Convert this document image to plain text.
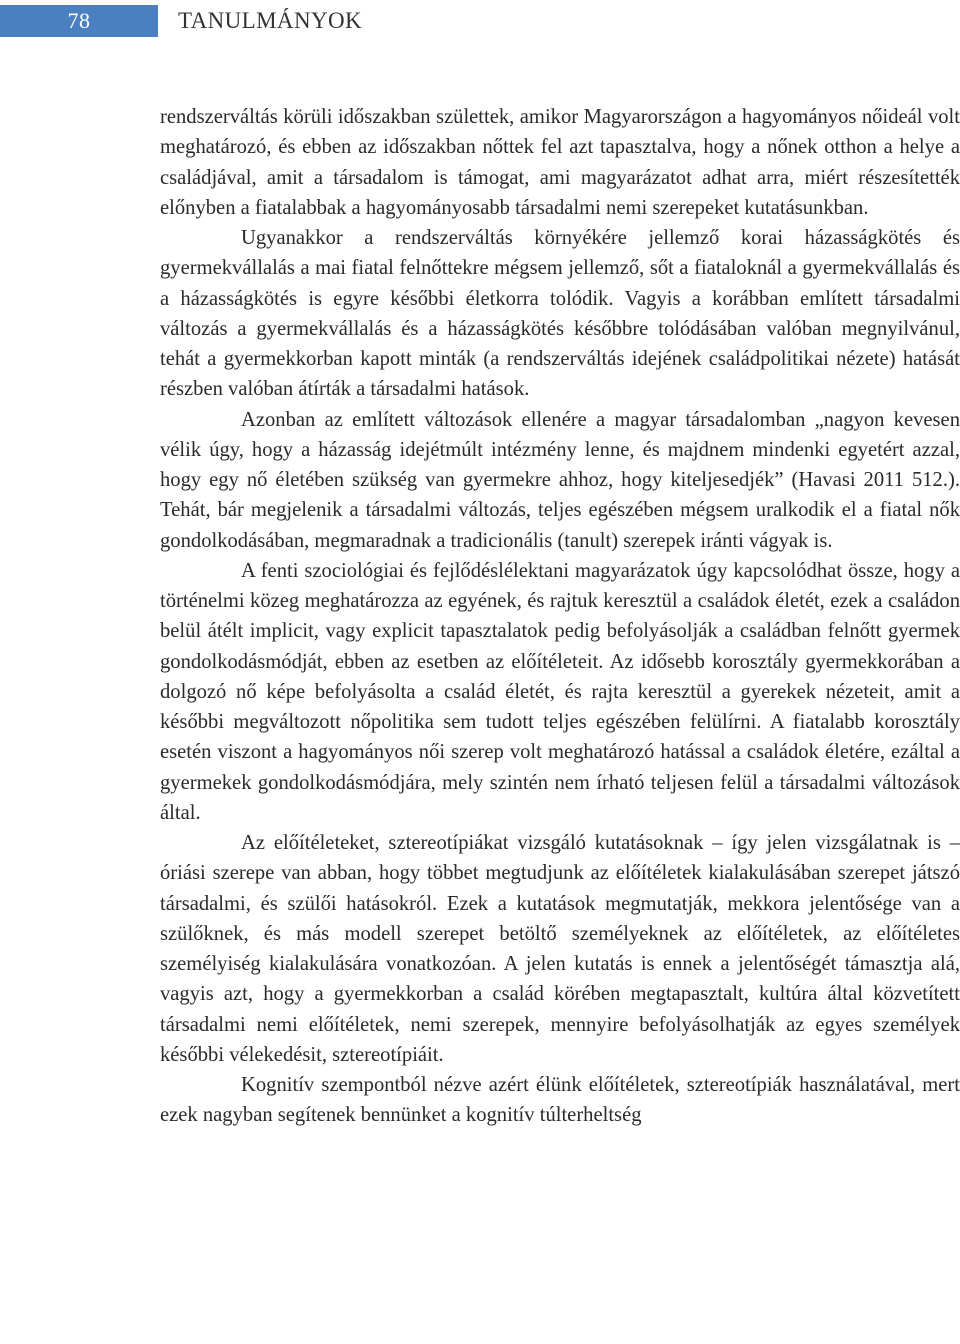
78	TANULMÁNYOK

rendszerváltás körüli időszakban születtek, amikor Magyarországon a hagyományos nőideál volt meghatározó, és ebben az időszakban nőttek fel azt tapasztalva, hogy a nőnek otthon a helye a családjával, amit a társadalom is támogat, ami magyarázatot adhat arra, miért részesítették előnyben a fiatalabbak a hagyományosabb társadalmi nemi szerepeket kutatásunkban.

Ugyanakkor a rendszerváltás környékére jellemző korai házasságkötés és gyermekvállalás a mai fiatal felnőttekre mégsem jellemző, sőt a fiataloknál a gyermekvállalás és a házasságkötés is egyre későbbi életkorra tolódik. Vagyis a korábban említett társadalmi változás a gyermekvállalás és a házasságkötés későbbre tolódásában valóban megnyilvánul, tehát a gyermekkorban kapott minták (a rendszerváltás idejének családpolitikai nézete) hatását részben valóban átírták a társadalmi hatások.

Azonban az említett változások ellenére a magyar társadalomban „nagyon kevesen vélik úgy, hogy a házasság idejétmúlt intézmény lenne, és majdnem mindenki egyetért azzal, hogy egy nő életében szükség van gyermekre ahhoz, hogy kiteljesedjék” (Havasi 2011 512.). Tehát, bár megjelenik a társadalmi változás, teljes egészében mégsem uralkodik el a fiatal nők gondolkodásában, megmaradnak a tradicionális (tanult) szerepek iránti vágyak is.

A fenti szociológiai és fejlődéslélektani magyarázatok úgy kapcsolódhat össze, hogy a történelmi közeg meghatározza az egyének, és rajtuk keresztül a családok életét, ezek a családon belül átélt implicit, vagy explicit tapasztalatok pedig befolyásolják a családban felnőtt gyermek gondolkodásmódját, ebben az esetben az előítéleteit. Az idősebb korosztály gyermekkorában a dolgozó nő képe befolyásolta a család életét, és rajta keresztül a gyerekek nézeteit, amit a későbbi megváltozott nőpolitika sem tudott teljes egészében felülírni. A fiatalabb korosztály esetén viszont a hagyományos női szerep volt meghatározó hatással a családok életére, ezáltal a gyermekek gondolkodásmódjára, mely szintén nem írható teljesen felül a társadalmi változások által.

Az előítéleteket, sztereotípiákat vizsgáló kutatásoknak – így jelen vizsgálatnak is – óriási szerepe van abban, hogy többet megtudjunk az előítéletek kialakulásában szerepet játszó társadalmi, és szülői hatásokról. Ezek a kutatások megmutatják, mekkora jelentősége van a szülőknek, és más modell szerepet betöltő személyeknek az előítéletek, az előítéletes személyiség kialakulására vonatkozóan. A jelen kutatás is ennek a jelentőségét támasztja alá, vagyis azt, hogy a gyermekkorban a család körében megtapasztalt, kultúra által közvetített társadalmi nemi előítéletek, nemi szerepek, mennyire befolyásolhatják az egyes személyek későbbi vélekedésit, sztereotípiáit.

Kognitív szempontból nézve azért élünk előítéletek, sztereotípiák használatával, mert ezek nagyban segítenek bennünket a kognitív túlterheltség
